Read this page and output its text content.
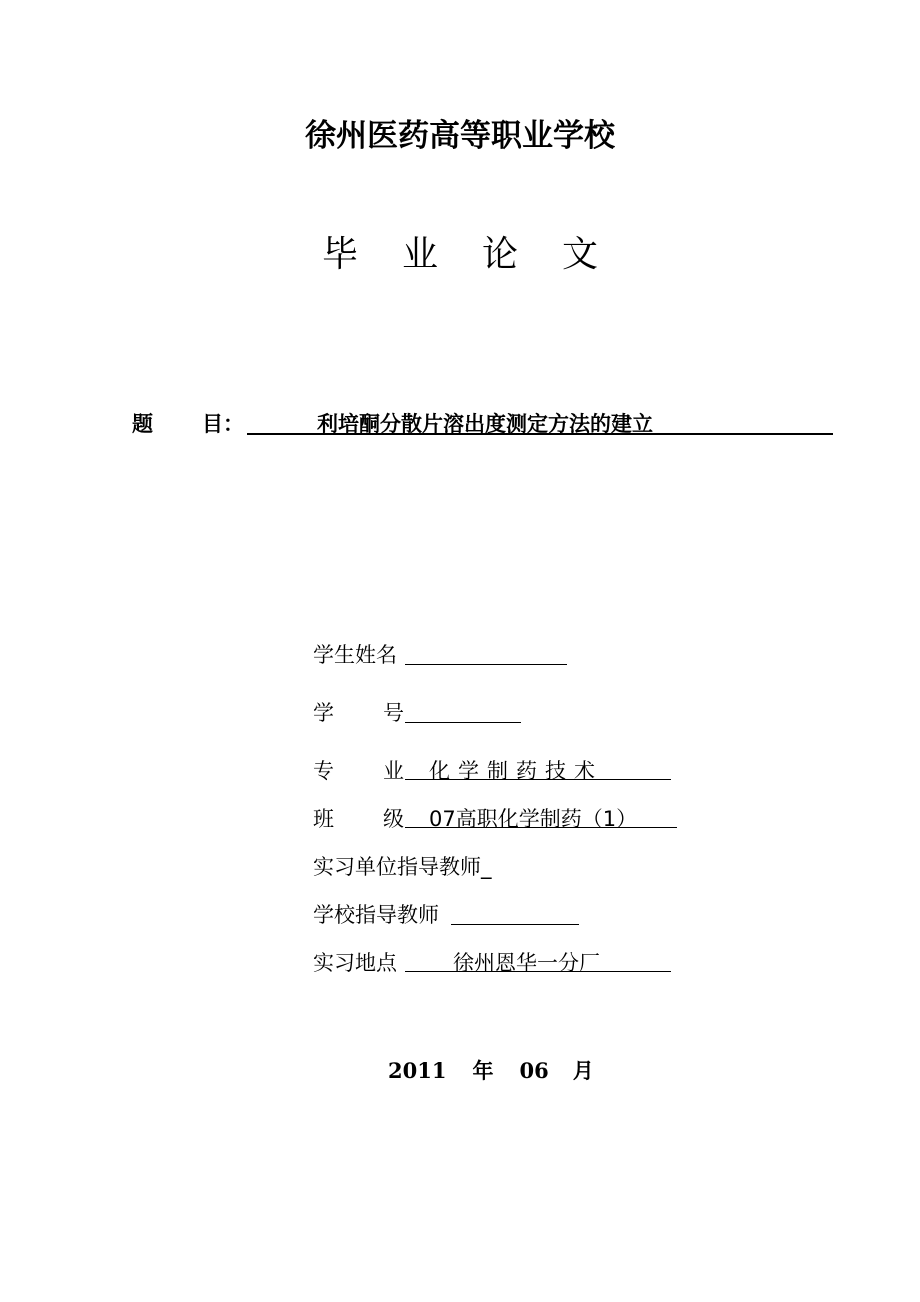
徐州医药高等职业学校
毕 业 论 文
题 目：	利培酮分散片溶出度测定方法的建立
学生姓名
学 号
专 业	化学制药技术
班 级	07高职化学制药（1）
实习单位指导教师_
学校指导教师
实习地点	徐州恩华一分厂
2011 年 06 月
